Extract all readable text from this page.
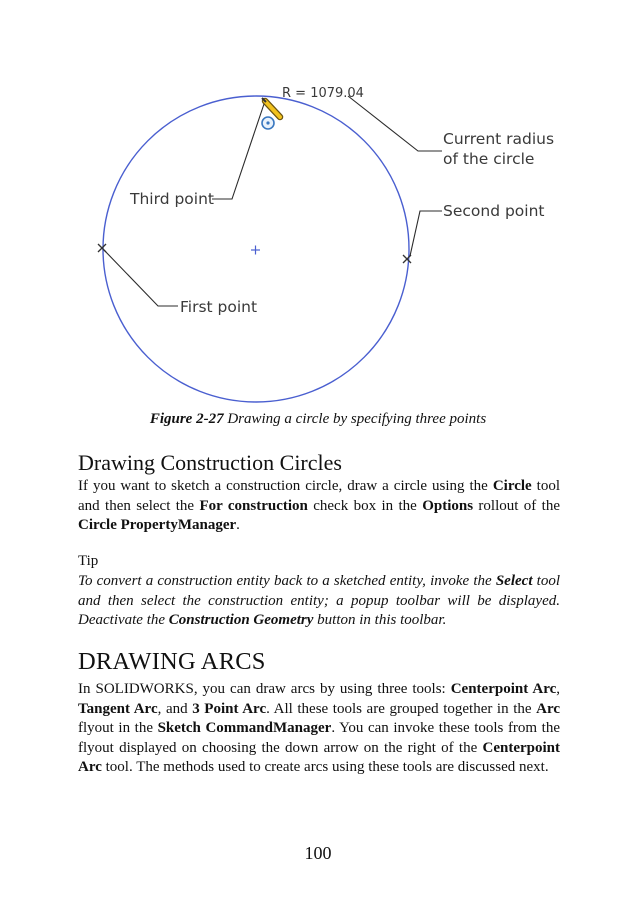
R = 1079.04
Current radius
of the circle
Third point
Second point
First point
Figure 2-27 Drawing a circle by specifying three points
Drawing Construction Circles

If you want to sketch a construction circle, draw a circle using the Circle tool and then select the For construction check box in the Options rollout of the Circle PropertyManager.

Tip

To convert a construction entity back to a sketched entity, invoke the Select tool and then select the construction entity; a popup toolbar will be displayed. Deactivate the Construction Geometry button in this toolbar.

DRAWING ARCS

In SOLIDWORKS, you can draw arcs by using three tools: Centerpoint Arc, Tangent Arc, and 3 Point Arc. All these tools are grouped together in the Arc flyout in the Sketch CommandManager. You can invoke these tools from the flyout displayed on choosing the down arrow on the right of the Centerpoint Arc tool. The methods used to create arcs using these tools are discussed next.

100
